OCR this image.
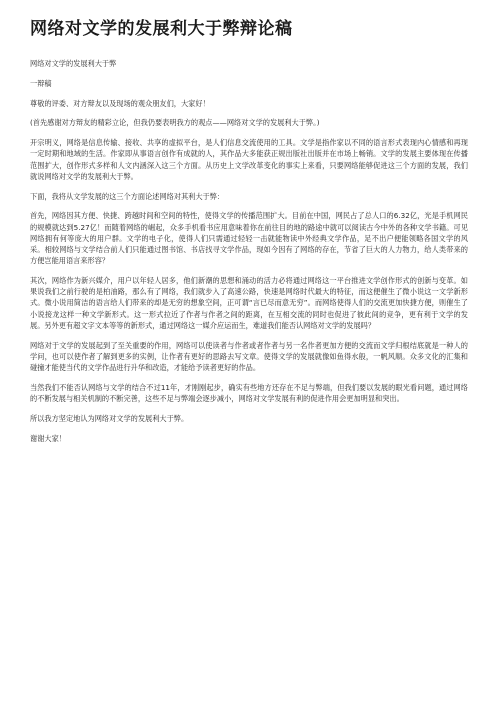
网络对文学的发展利大于弊辩论稿

网络对文学的发展利大于弊

一辩稿

尊敬的评委、对方辩友以及现场的观众朋友们，大家好！

(首先感谢对方辩友的精彩立论，但我仍要表明我方的观点——网络对文学的发展利大于弊。)

开宗明义，网络是信息传输、接收、共享的虚拟平台，是人们信息交流使用的工具。文学是指作家以不同的语言形式表现内心情感和再现一定时期和地域的生活。作家即从事语言创作有成就的人，其作品大多能获正规出版社出版并在市场上畅销。文学的发展主要体现在传播范围扩大，创作形式多样和人文内涵深入这三个方面。从历史上文学改革变化的事实上来看，只要网络能够促进这三个方面的发展，我们就说网络对文学的发展利大于弊。

下面，我将从文学发展的这三个方面论述网络对其利大于弊：

首先，网络因其方便、快捷、跨越时间和空间的特性，使得文学的传播范围扩大。目前在中国，网民占了总人口的6.32亿，光是手机网民的规模就达到5.27亿！而随着网络的崛起，众多手机看书应用意味着你在前往目的地的路途中就可以阅读古今中外的各种文学书籍。可见网络拥有何等庞大的用户群。文学的电子化，使得人们只需通过轻轻一击就能物读中外经典文学作品，足不出户便能领略各国文学的风采。相较网络与文学结合前人们只能通过图书馆、书店找寻文学作品，现如今因有了网络的存在，节省了巨大的人力物力，给人类带来的方便岂能用语言来形容？

其次，网络作为新兴媒介，用户以年轻人居多，他们新潮的思想和涌动的活力必将通过网络这一平台推进文学创作形式的创新与变革。如果说我们之前行驶的是柏油路，那么有了网络，我们就步入了高速公路，快速是网络时代最大的特征，而这便催生了微小说这一文学新形式。微小说用简洁的语言给人们带来的却是无穷的想象空间，正可谓“言已尽而意无穷”。而网络使得人们的交流更加快捷方便，则催生了小说接龙这样一种文学新形式。这一形式拉近了作者与作者之间的距离，在互相交流的同时也促进了彼此间的竞争，更有利于文学的发展。另外更有超文字文本等等的新形式，通过网络这一媒介应运而生，难道我们能否认网络对文学的发展吗？

网络对于文学的发展起到了至关重要的作用，网络可以使读者与作者或者作者与另一名作者更加方便的交流而文学归根结底就是一种人的学问，也可以使作者了解到更多的实例，让作者有更好的思路去写文章。使得文学的发展就像如鱼得水般，一帆风顺。众多文化的汇集和碰撞才能使当代的文学作品进行升华和改造，才能给予读者更好的作品。

当然我们不能否认网络与文学的结合不过11年，才刚刚起步，确实有些地方还存在不足与弊端，但我们要以发展的眼光看问题，通过网络的不断发展与相关机制的不断完善，这些不足与弊端会逐步减小，网络对文学发展有利的促进作用会更加明显和突出。

所以我方坚定地认为网络对文学的发展利大于弊。

谢谢大家！
